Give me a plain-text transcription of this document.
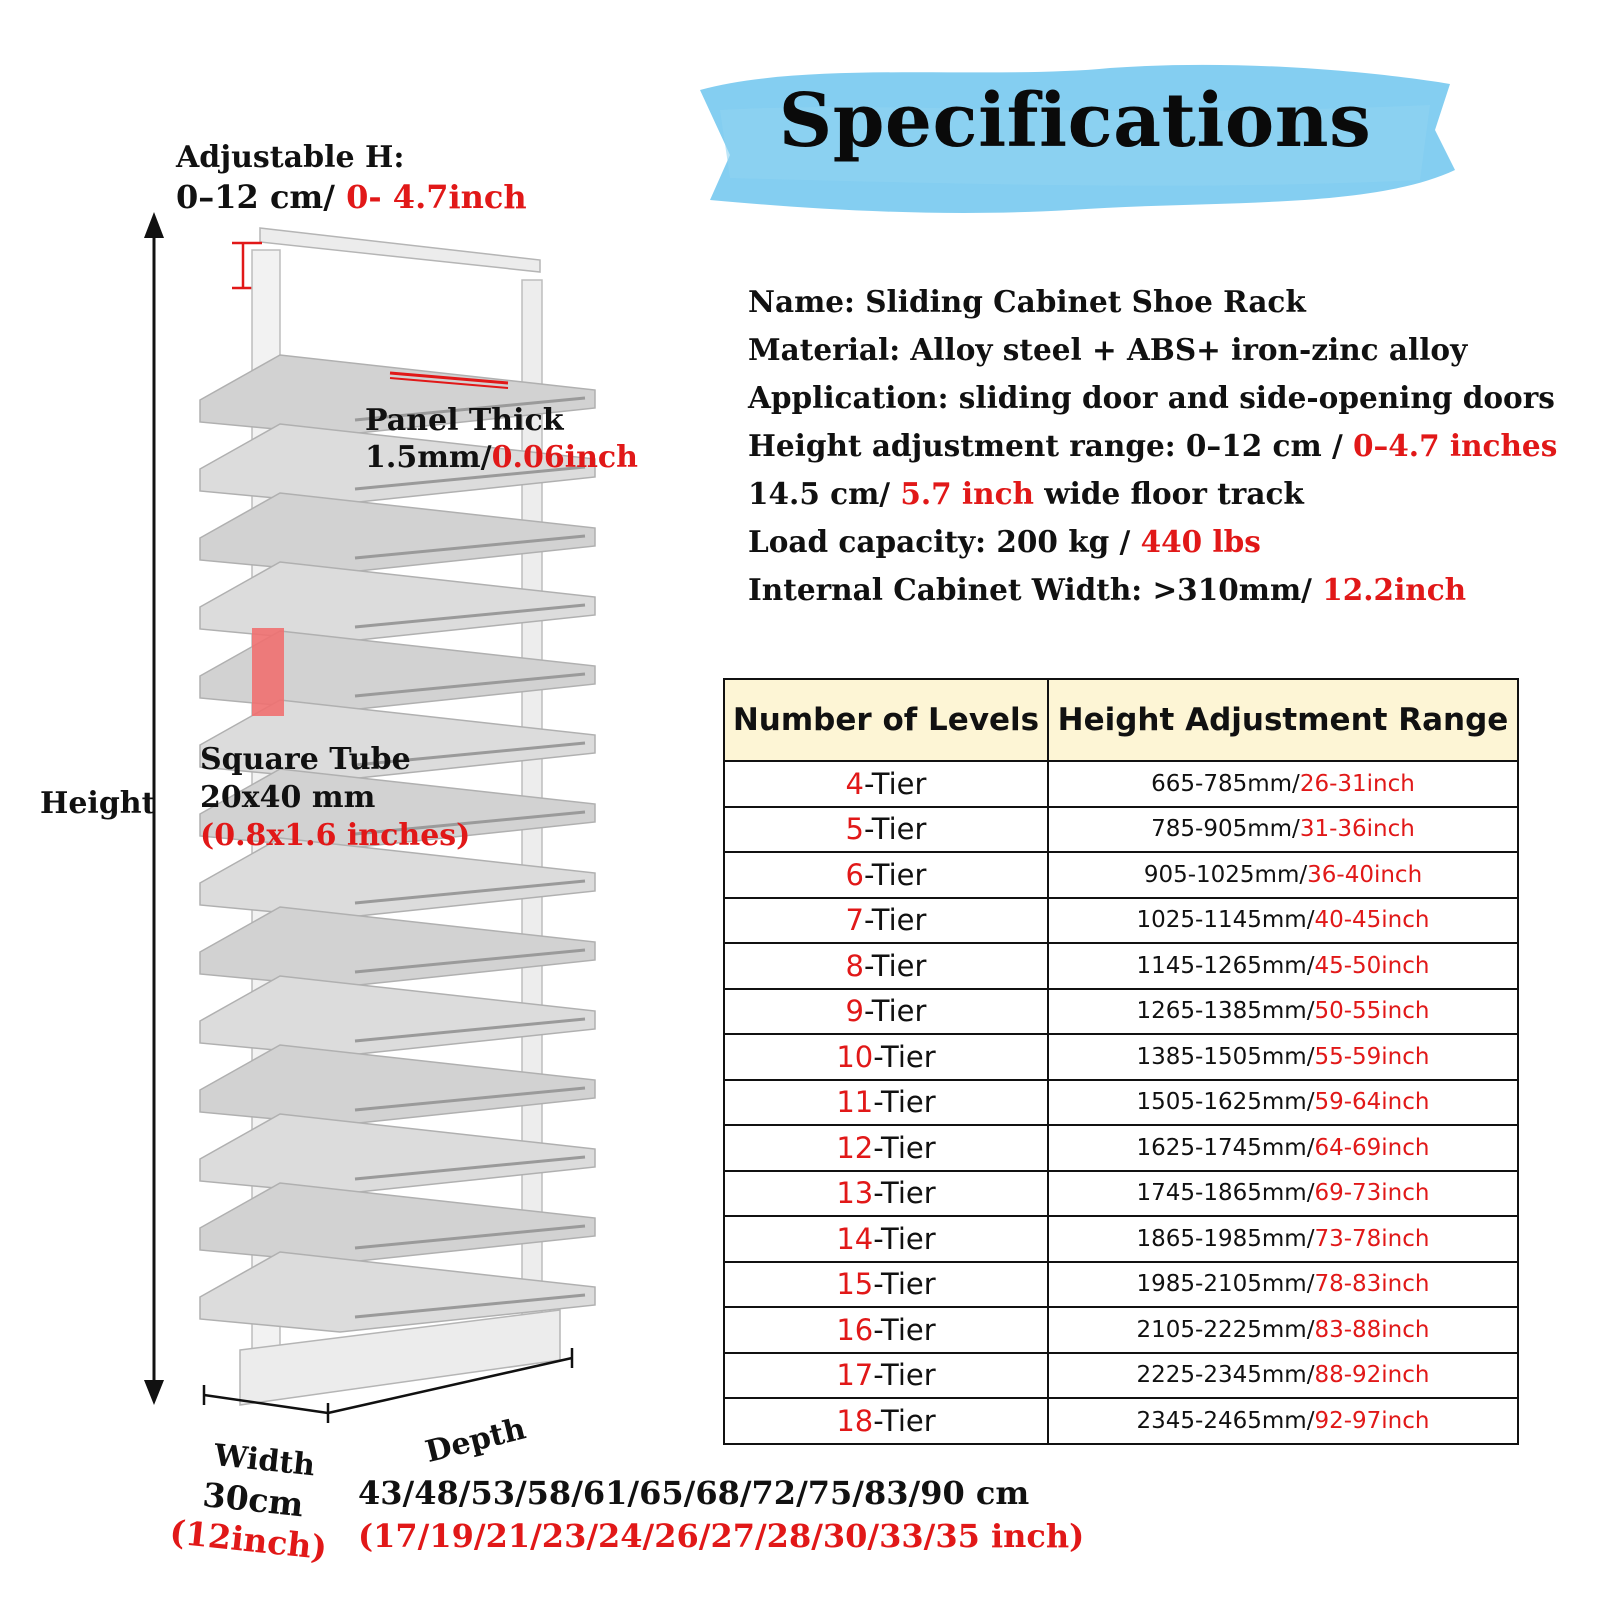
Specifications
Name: Sliding Cabinet Shoe Rack
Material: Alloy steel + ABS+ iron-zinc alloy
Application: sliding door and side-opening doors
Height adjustment range: 0–12 cm / 0–4.7 inches
14.5 cm/ 5.7 inch wide floor track
Load capacity: 200 kg / 440 lbs
Internal Cabinet Width: >310mm/ 12.2inch
Number of Levels	Height Adjustment Range
4-Tier	665-785mm/26-31inch
5-Tier	785-905mm/31-36inch
6-Tier	905-1025mm/36-40inch
7-Tier	1025-1145mm/40-45inch
8-Tier	1145-1265mm/45-50inch
9-Tier	1265-1385mm/50-55inch
10-Tier	1385-1505mm/55-59inch
11-Tier	1505-1625mm/59-64inch
12-Tier	1625-1745mm/64-69inch
13-Tier	1745-1865mm/69-73inch
14-Tier	1865-1985mm/73-78inch
15-Tier	1985-2105mm/78-83inch
16-Tier	2105-2225mm/83-88inch
17-Tier	2225-2345mm/88-92inch
18-Tier	2345-2465mm/92-97inch
Adjustable H:
0–12 cm/ 0- 4.7inch
Height
Panel Thick
1.5mm/0.06inch
Square Tube
20x40 mm
(0.8x1.6 inches)
Width
30cm
(12inch)
Depth
43/48/53/58/61/65/68/72/75/83/90 cm
(17/19/21/23/24/26/27/28/30/33/35 inch)
